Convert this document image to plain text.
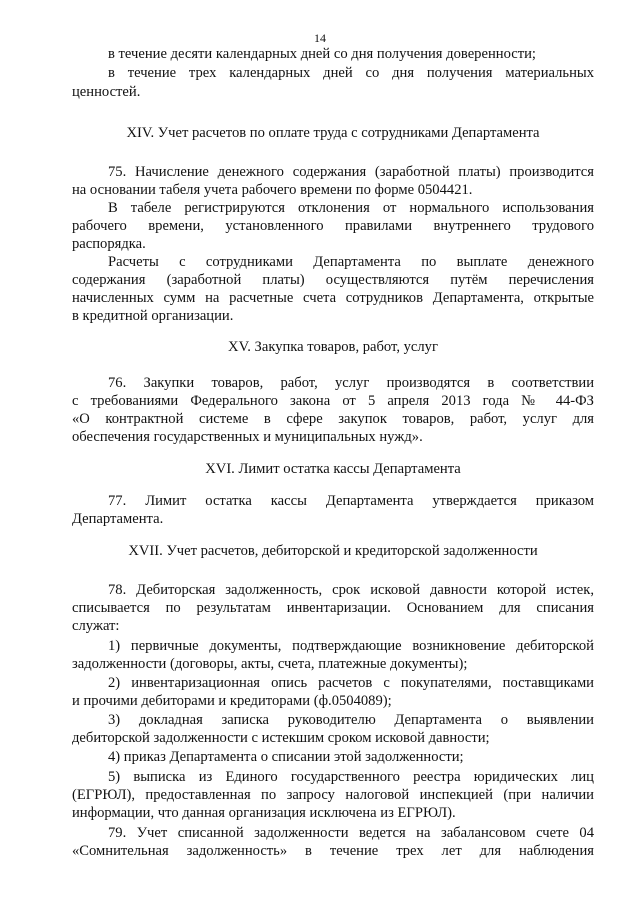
14
в течение десяти календарных дней со дня получения доверенности;
в течение трех календарных дней со дня получения материальных
ценностей.
XIV. Учет расчетов по оплате труда с сотрудниками Департамента
75. Начисление денежного содержания (заработной платы) производится
на основании табеля учета рабочего времени по форме 0504421.
В табеле регистрируются отклонения от нормального использования
рабочего времени, установленного правилами внутреннего трудового
распорядка.
Расчеты с сотрудниками Департамента по выплате денежного
содержания (заработной платы) осуществляются путём перечисления
начисленных сумм на расчетные счета сотрудников Департамента, открытые
в кредитной организации.
XV. Закупка товаров, работ, услуг
76. Закупки товаров, работ, услуг производятся в соответствии
с требованиями Федерального закона от 5 апреля 2013 года № 44-ФЗ
«О контрактной системе в сфере закупок товаров, работ, услуг для
обеспечения государственных и муниципальных нужд».
XVI. Лимит остатка кассы Департамента
77. Лимит остатка кассы Департамента утверждается приказом
Департамента.
XVII. Учет расчетов, дебиторской и кредиторской задолженности
78. Дебиторская задолженность, срок исковой давности которой истек,
списывается по результатам инвентаризации. Основанием для списания
служат:
1) первичные документы, подтверждающие возникновение дебиторской
задолженности (договоры, акты, счета, платежные документы);
2) инвентаризационная опись расчетов с покупателями, поставщиками
и прочими дебиторами и кредиторами (ф.0504089);
3) докладная записка руководителю Департамента о выявлении
дебиторской задолженности с истекшим сроком исковой давности;
4) приказ Департамента о списании этой задолженности;
5) выписка из Единого государственного реестра юридических лиц
(ЕГРЮЛ), предоставленная по запросу налоговой инспекцией (при наличии
информации, что данная организация исключена из ЕГРЮЛ).
79. Учет списанной задолженности ведется на забалансовом счете 04
«Сомнительная задолженность» в течение трех лет для наблюдения
